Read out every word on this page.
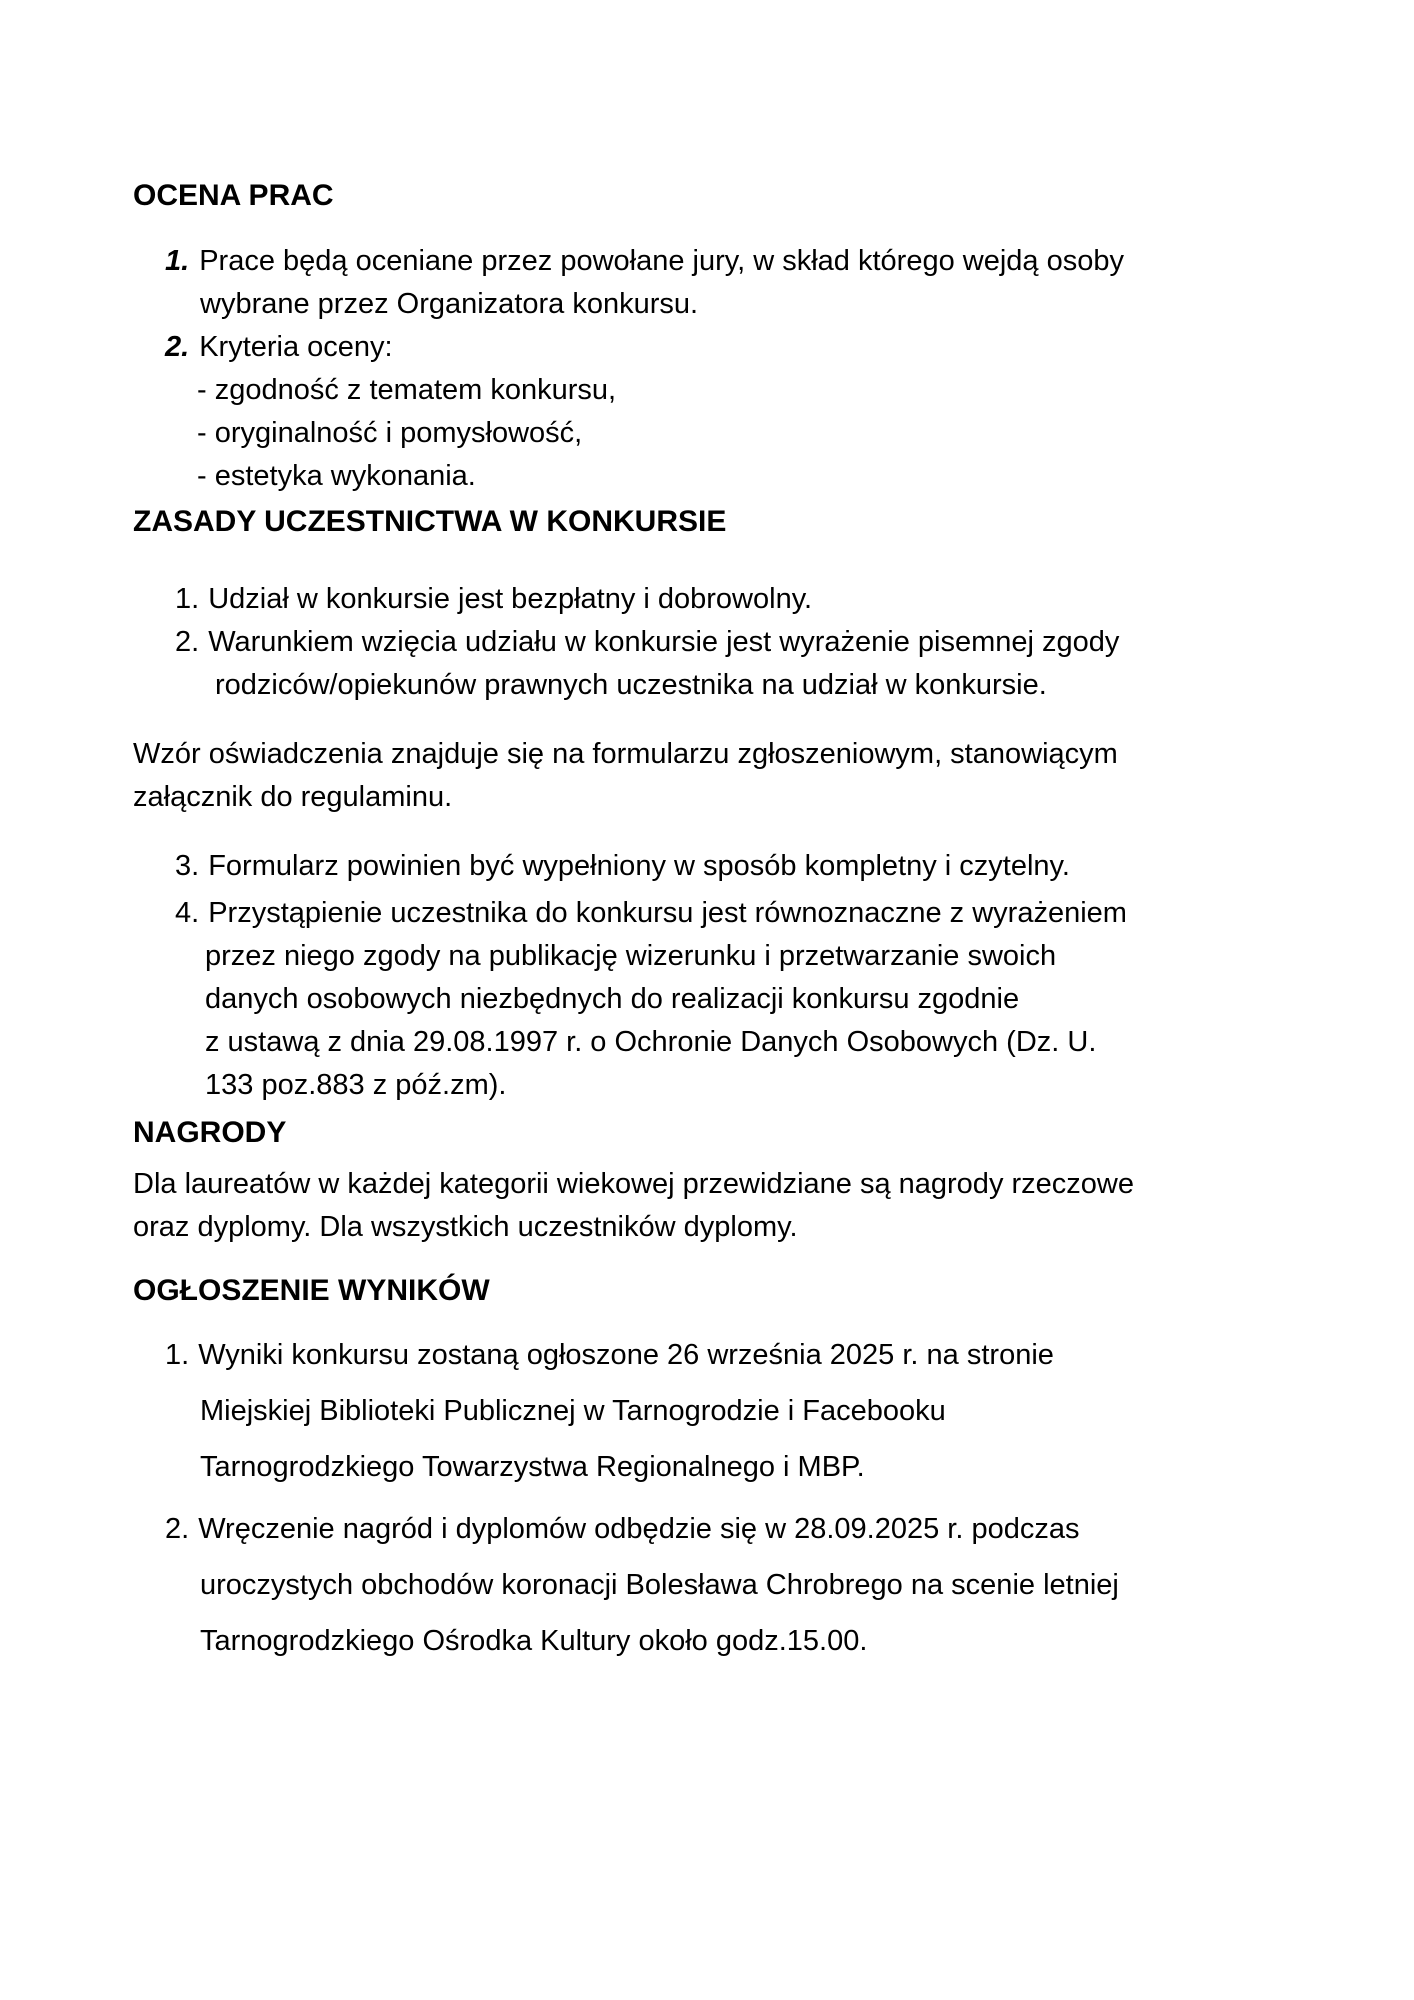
OCENA PRAC
1. Prace będą oceniane przez powołane jury, w skład którego wejdą osoby
wybrane przez Organizatora konkursu.
2. Kryteria oceny:
- zgodność z tematem konkursu,
- oryginalność i pomysłowość,
- estetyka wykonania.
ZASADY UCZESTNICTWA W KONKURSIE
1. Udział w konkursie jest bezpłatny i dobrowolny.
2. Warunkiem wzięcia udziału w konkursie jest wyrażenie pisemnej zgody
rodziców/opiekunów prawnych uczestnika na udział w konkursie.
Wzór oświadczenia znajduje się na formularzu zgłoszeniowym, stanowiącym
załącznik do regulaminu.
3. Formularz powinien być wypełniony w sposób kompletny i czytelny.
4. Przystąpienie uczestnika do konkursu jest równoznaczne z wyrażeniem
przez niego zgody na publikację wizerunku i przetwarzanie swoich
danych osobowych niezbędnych do realizacji konkursu zgodnie
z ustawą z dnia 29.08.1997 r. o Ochronie Danych Osobowych (Dz. U.
133 poz.883 z póź.zm).
NAGRODY
Dla laureatów w każdej kategorii wiekowej przewidziane są nagrody rzeczowe
oraz dyplomy. Dla wszystkich uczestników dyplomy.
OGŁOSZENIE WYNIKÓW
1. Wyniki konkursu zostaną ogłoszone 26 września 2025 r. na stronie
Miejskiej Biblioteki Publicznej w Tarnogrodzie i Facebooku
Tarnogrodzkiego Towarzystwa Regionalnego i MBP.
2. Wręczenie nagród i dyplomów odbędzie się w 28.09.2025 r. podczas
uroczystych obchodów koronacji Bolesława Chrobrego na scenie letniej
Tarnogrodzkiego Ośrodka Kultury około godz.15.00.
